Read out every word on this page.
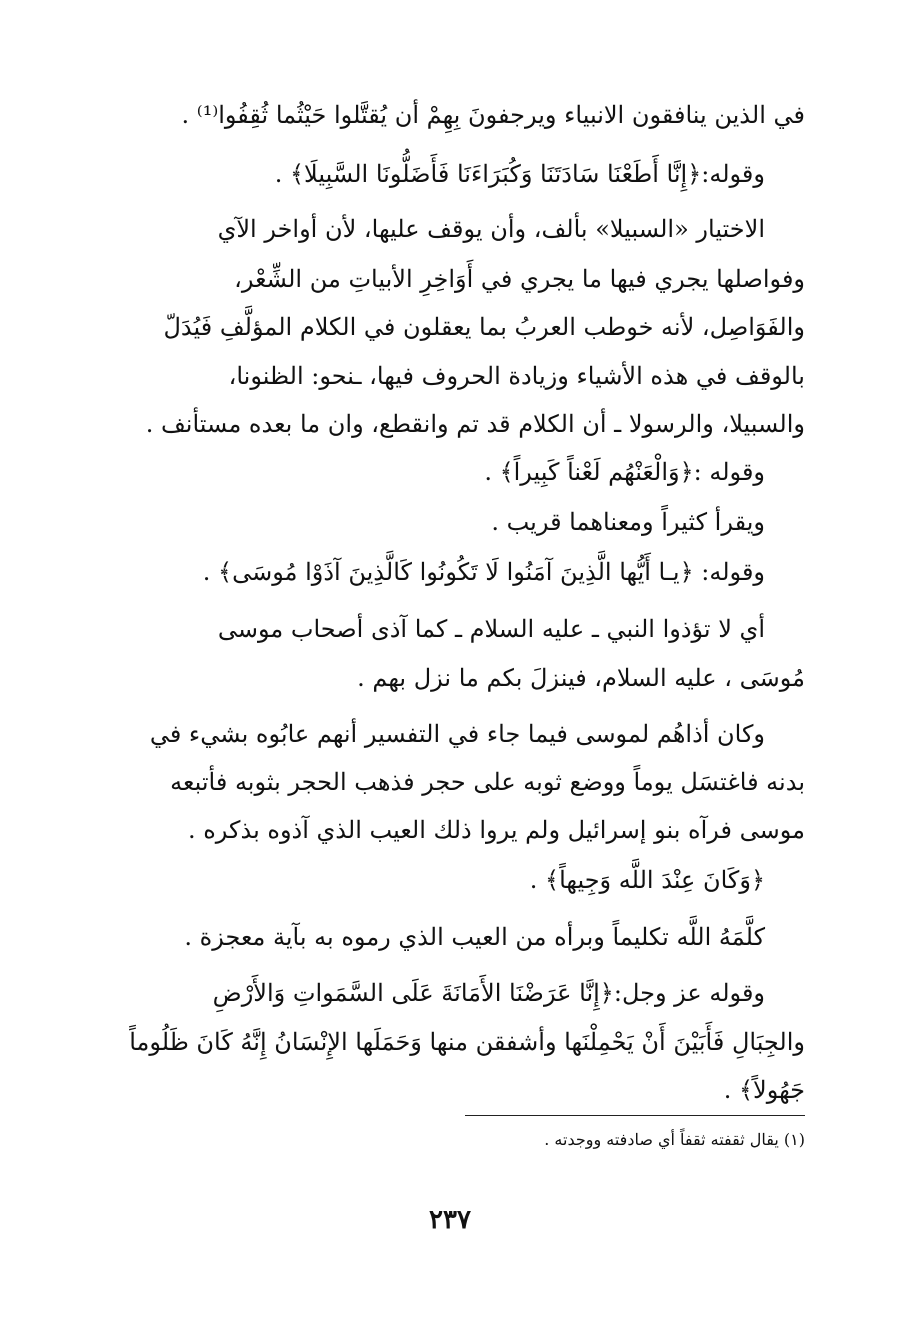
في الذين ينافقون الانبياء ويرجفونَ بِهِمْ أن يُقتَّلوا حَيْثُما ثُقِفُوا⁽¹⁾ .
وقوله:﴿إِنَّا أَطَعْنَا سَادَتَنَا وَكُبَرَاءَنَا فَأَضَلُّونَا السَّبِيلَا﴾ .
الاختيار «السبيلا» بألف، وأن يوقف عليها، لأن أواخر الآي
وفواصلها يجري فيها ما يجري في أَوَاخِرِ الأبياتِ من الشِّعْر،
والفَوَاصِل، لأنه خوطب العربُ بما يعقلون في الكلام المؤلَّفِ فَيُدَلّ
بالوقف في هذه الأشياء وزيادة الحروف فيها، ـنحو: الظنونا،
والسبيلا، والرسولا ـ أن الكلام قد تم وانقطع، وان ما بعده مستأنف .
وقوله :﴿وَالْعَنْهُم لَعْناً كَبِيراً﴾ .
ويقرأ كثيراً ومعناهما قريب .
وقوله: ﴿يـا أَيُّها الَّذِينَ آمَنُوا لَا تَكُونُوا كَالَّذِينَ آذَوْا مُوسَى﴾ .
أي لا تؤذوا النبي ـ عليه السلام ـ كما آذى أصحاب موسى
مُوسَى ، عليه السلام، فينزلَ بكم ما نزل بهم .
وكان أذاهُم لموسى فيما جاء في التفسير أنهم عابُوه بشيء في
بدنه فاغتسَل يوماً ووضع ثوبه على حجر فذهب الحجر بثوبه فأتبعه
موسى فرآه بنو إسرائيل ولم يروا ذلك العيب الذي آذوه بذكره .
﴿وَكَانَ عِنْدَ اللَّه وَجِيهاً﴾ .
كلَّمَهُ اللَّه تكليماً وبرأه من العيب الذي رموه به بآية معجزة .
وقوله عز وجل:﴿إِنَّا عَرَضْنَا الأَمَانَةَ عَلَى السَّمَواتِ وَالأَرْضِ
والجِبَالِ فَأَبَيْنَ أَنْ يَحْمِلْنَها وأشفقن منها وَحَمَلَها الإِنْسَانُ إِنَّهُ كَانَ ظَلُوماً
جَهُولاً﴾ .
(١) يقال ثقفته ثقفاً أي صادفته ووجدته .
٢٣٧
